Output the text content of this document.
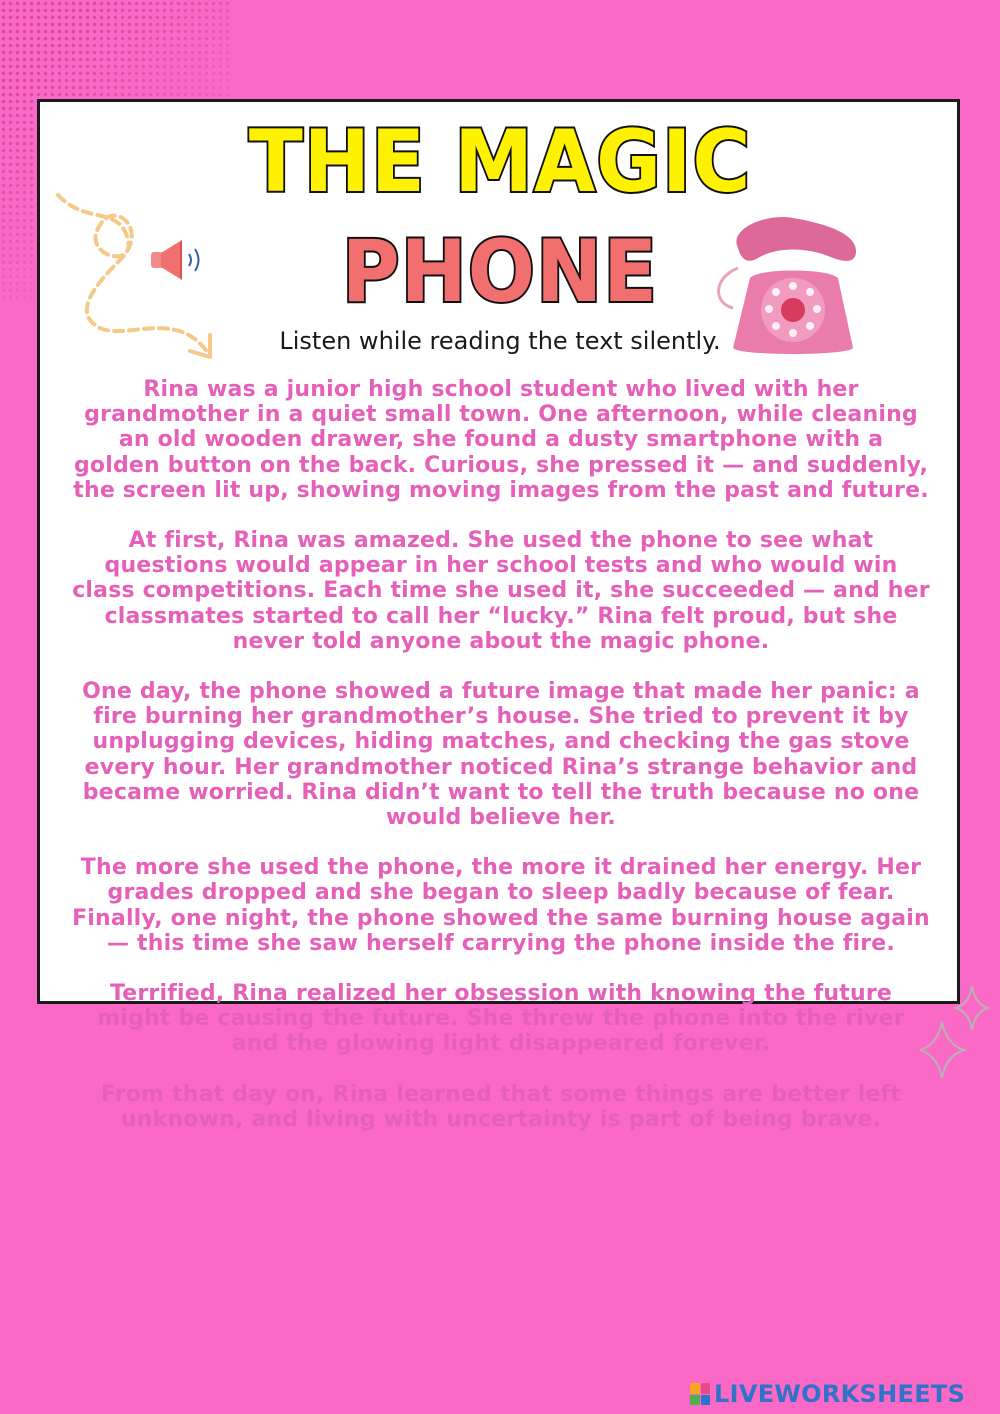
THE MAGIC
PHONE
Listen while reading the text silently.

Rina was a junior high school student who lived with her grandmother in a quiet small town. One afternoon, while cleaning an old wooden drawer, she found a dusty smartphone with a golden button on the back. Curious, she pressed it — and suddenly, the screen lit up, showing moving images from the past and future.

At first, Rina was amazed. She used the phone to see what questions would appear in her school tests and who would win class competitions. Each time she used it, she succeeded — and her classmates started to call her “lucky.” Rina felt proud, but she never told anyone about the magic phone.

One day, the phone showed a future image that made her panic: a fire burning her grandmother’s house. She tried to prevent it by unplugging devices, hiding matches, and checking the gas stove every hour. Her grandmother noticed Rina’s strange behavior and became worried. Rina didn’t want to tell the truth because no one would believe her.

The more she used the phone, the more it drained her energy. Her grades dropped and she began to sleep badly because of fear. Finally, one night, the phone showed the same burning house again — this time she saw herself carrying the phone inside the fire.

Terrified, Rina realized her obsession with knowing the future might be causing the future. She threw the phone into the river and the glowing light disappeared forever.

From that day on, Rina learned that some things are better left unknown, and living with uncertainty is part of being brave.

LIVEWORKSHEETS
